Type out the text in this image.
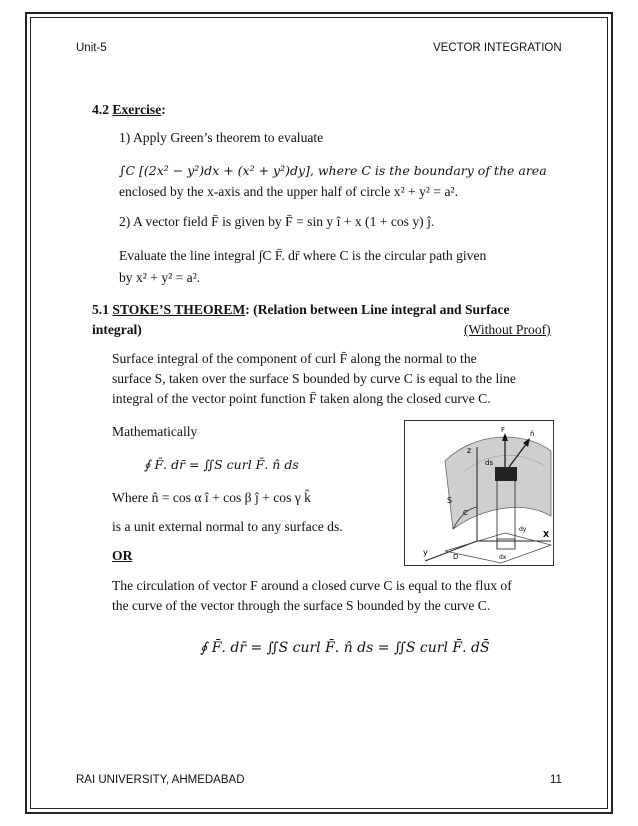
Unit-5	VECTOR INTEGRATION
4.2 Exercise:
1) Apply Green’s theorem to evaluate
∫C [(2x² − y²)dx + (x² + y²)dy], where C is the boundary of the area
enclosed by the x-axis and the upper half of circle x² + y² = a².
2) A vector field F̄ is given by F̄ = sin y î + x (1 + cos y) ĵ.
Evaluate the line integral ∫C F̄. dr̄ where C is the circular path given
by x² + y² = a².
5.1 STOKE’S THEOREM: (Relation between Line integral and Surface
integral)	(Without Proof)
Surface integral of the component of curl F̄ along the normal to the
surface S, taken over the surface S bounded by curve C is equal to the line
integral of the vector point function F̄ taken along the closed curve C.
Mathematically
∮ F̄. dr̄ = ∬S curl F̄. n̂ ds
Where n̂ = cos α î + cos β ĵ + cos γ k̂
is a unit external normal to any surface ds.
OR
The circulation of vector F around a closed curve C is equal to the flux of
the curve of the vector through the surface S bounded by the curve C.
∮ F̄. dr̄ = ∬S curl F̄. n̂ ds = ∬S curl F̄. dS̄
z
F	n̂
ds
S
C
X
y	D	dx
dy
RAI UNIVERSITY, AHMEDABAD	11
